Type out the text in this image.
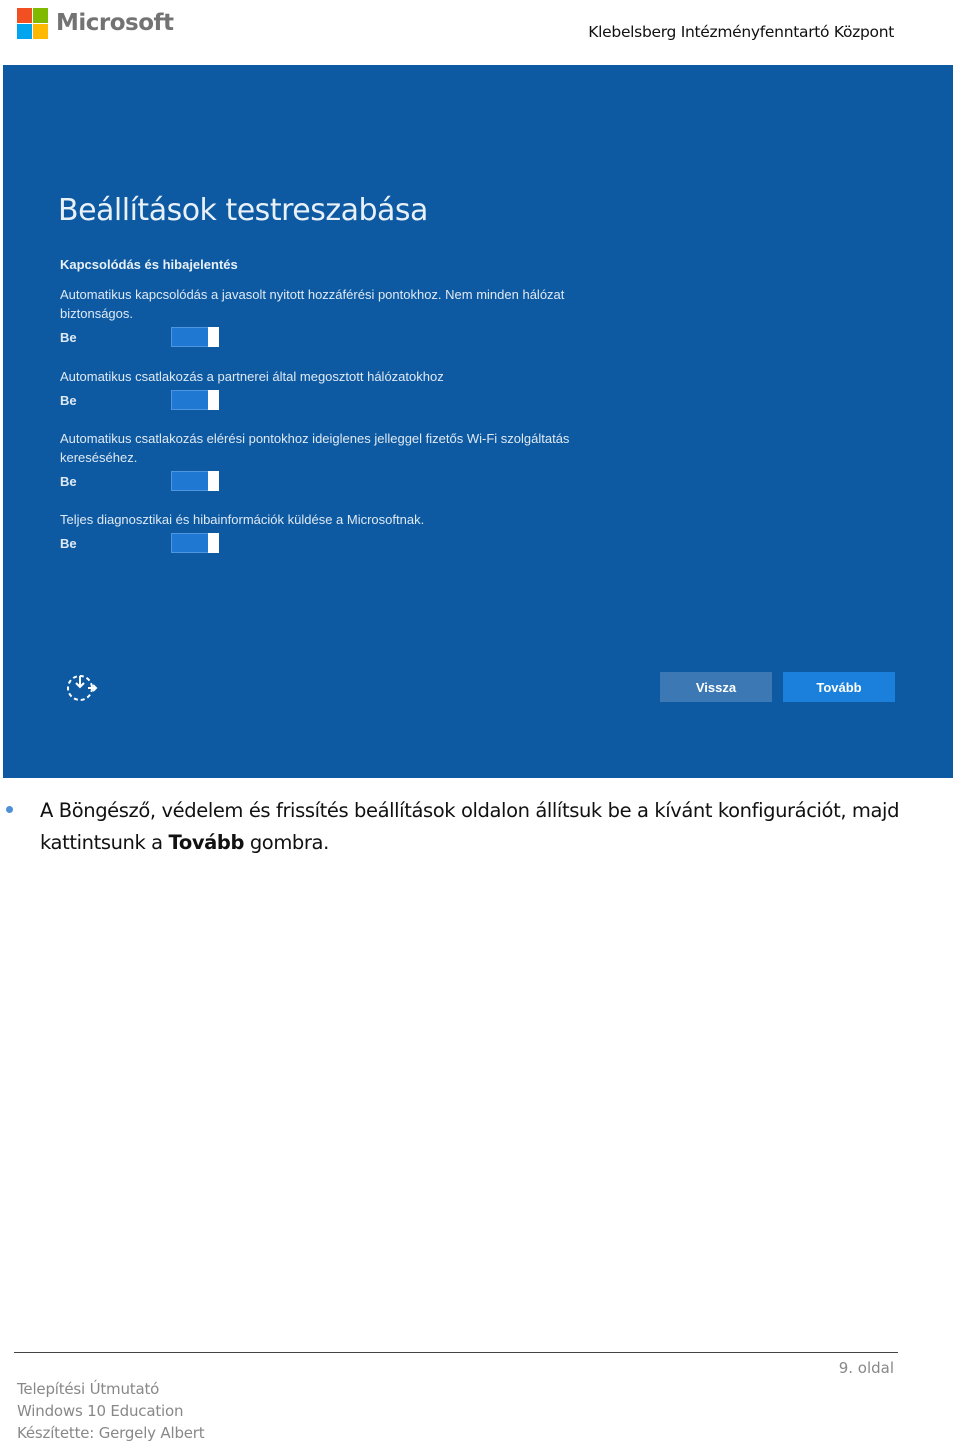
Microsoft	Klebelsberg Intézményfenntartó Központ
Beállítások testreszabása
Kapcsolódás és hibajelentés
Automatikus kapcsolódás a javasolt nyitott hozzáférési pontokhoz. Nem minden hálózat biztonságos.
Be
Automatikus csatlakozás a partnerei által megosztott hálózatokhoz
Be
Automatikus csatlakozás elérési pontokhoz ideiglenes jelleggel fizetős Wi-Fi szolgáltatás kereséséhez.
Be
Teljes diagnosztikai és hibainformációk küldése a Microsoftnak.
Be
Vissza	Tovább
A Böngésző, védelem és frissítés beállítások oldalon állítsuk be a kívánt konfigurációt, majd kattintsunk a Tovább gombra.
9. oldal
Telepítési Útmutató
Windows 10 Education
Készítette: Gergely Albert
